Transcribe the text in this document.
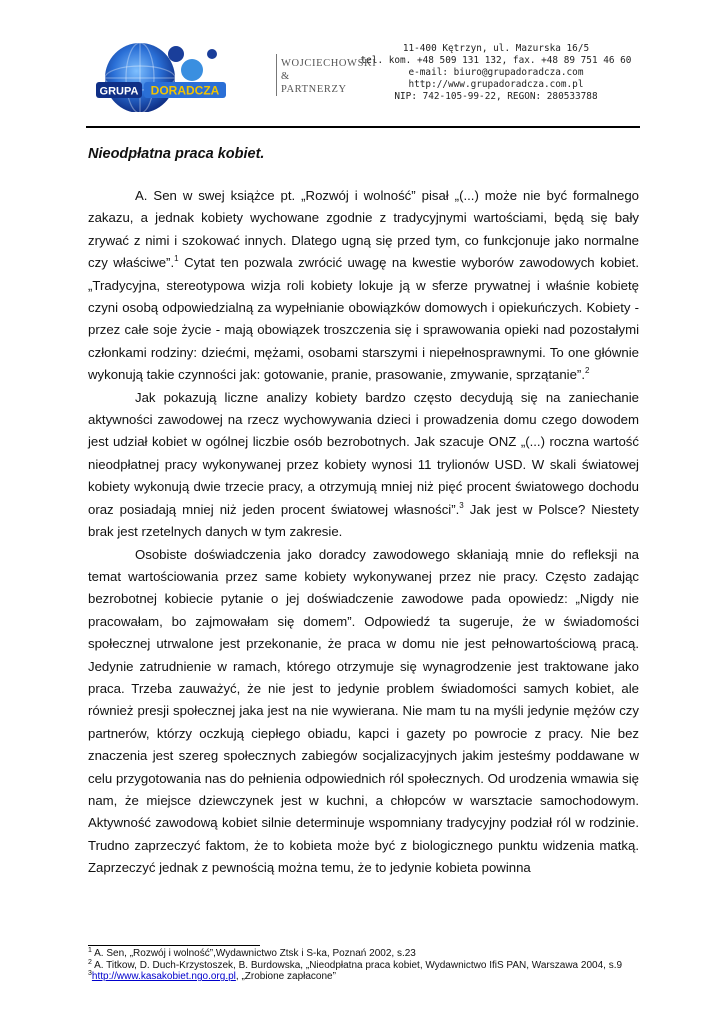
GRUPA DORADCZA
WOJCIECHOWSKI
&
PARTNERZY
11-400 Kętrzyn, ul. Mazurska 16/5
tel. kom. +48 509 131 132, fax. +48 89 751 46 60
e-mail: biuro@grupadoradcza.com
http://www.grupadoradcza.com.pl
NIP: 742-105-99-22, REGON: 280533788

Nieodpłatna praca kobiet.

A. Sen w swej książce pt. „Rozwój i wolność” pisał „(...) może nie być formalnego zakazu, a jednak kobiety wychowane zgodnie z tradycyjnymi wartościami, będą się bały zrywać z nimi i szokować innych. Dlatego ugną się przed tym, co funkcjonuje jako normalne czy właściwe”.$^1$ Cytat ten pozwala zwrócić uwagę na kwestie wyborów zawodowych kobiet. „Tradycyjna, stereotypowa wizja roli kobiety lokuje ją w sferze prywatnej i właśnie kobietę czyni osobą odpowiedzialną za wypełnianie obowiązków domowych i opiekuńczych. Kobiety - przez całe soje życie - mają obowiązek troszczenia się i sprawowania opieki nad pozostałymi członkami rodziny: dziećmi, mężami, osobami starszymi i niepełnosprawnymi. To one głównie wykonują takie czynności jak: gotowanie, pranie, prasowanie, zmywanie, sprzątanie”.$^2$

Jak pokazują liczne analizy kobiety bardzo często decydują się na zaniechanie aktywności zawodowej na rzecz wychowywania dzieci i prowadzenia domu czego dowodem jest udział kobiet w ogólnej liczbie osób bezrobotnych. Jak szacuje ONZ „(...) roczna wartość nieodpłatnej pracy wykonywanej przez kobiety wynosi 11 trylionów USD. W skali światowej kobiety wykonują dwie trzecie pracy, a otrzymują mniej niż pięć procent światowego dochodu oraz posiadają mniej niż jeden procent światowej własności”.$^3$ Jak jest w Polsce? Niestety brak jest rzetelnych danych w tym zakresie.

Osobiste doświadczenia jako doradcy zawodowego skłaniają mnie do refleksji na temat wartościowania przez same kobiety wykonywanej przez nie pracy. Często zadając bezrobotnej kobiecie pytanie o jej doświadczenie zawodowe pada opowiedz: „Nigdy nie pracowałam, bo zajmowałam się domem”. Odpowiedź ta sugeruje, że w świadomości społecznej utrwalone jest przekonanie, że praca w domu nie jest pełnowartościową pracą. Jedynie zatrudnienie w ramach, którego otrzymuje się wynagrodzenie jest traktowane jako praca. Trzeba zauważyć, że nie jest to jedynie problem świadomości samych kobiet, ale również presji społecznej jaka jest na nie wywierana. Nie mam tu na myśli jedynie mężów czy partnerów, którzy oczkują ciepłego obiadu, kapci i gazety po powrocie z pracy. Nie bez znaczenia jest szereg społecznych zabiegów socjalizacyjnych jakim jesteśmy poddawane w celu przygotowania nas do pełnienia odpowiednich ról społecznych. Od urodzenia wmawia się nam, że miejsce dziewczynek jest w kuchni, a chłopców w warsztacie samochodowym. Aktywność zawodową kobiet silnie determinuje wspomniany tradycyjny podział ról w rodzinie. Trudno zaprzeczyć faktom, że to kobieta może być z biologicznego punktu widzenia matką. Zaprzeczyć jednak z pewnością można temu, że to jedynie kobieta powinna

$^1$ A. Sen, „Rozwój i wolność”,Wydawnictwo Ztsk i S-ka, Poznań 2002, s.23

$^2$ A. Titkow, D. Duch-Krzystoszek, B. Burdowska, „Nieodpłatna praca kobiet, Wydawnictwo IfiS PAN, Warszawa 2004, s.9

$^3$http://www.kasakobiet.ngo.org.pl, „Zrobione zapłacone”
